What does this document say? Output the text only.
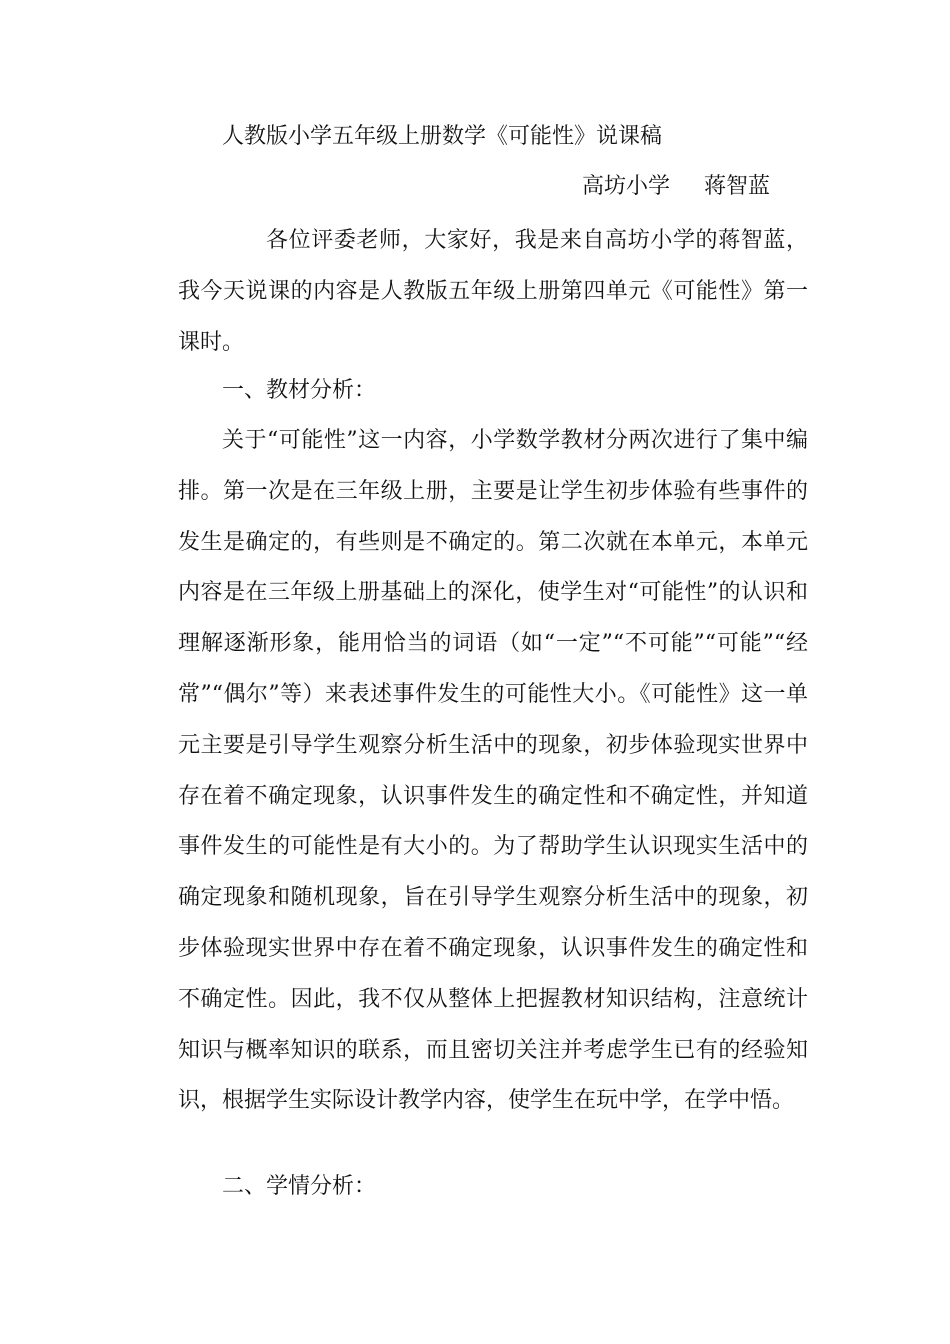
人教版小学五年级上册数学《可能性》说课稿
高坊小学 蒋智蓝

各位评委老师，大家好，我是来自高坊小学的蒋智蓝，我今天说课的内容是人教版五年级上册第四单元《可能性》第一课时。

一、教材分析：

关于“可能性”这一内容，小学数学教材分两次进行了集中编排。第一次是在三年级上册，主要是让学生初步体验有些事件的发生是确定的，有些则是不确定的。第二次就在本单元，本单元内容是在三年级上册基础上的深化，使学生对“可能性”的认识和理解逐渐形象，能用恰当的词语（如“一定”“不可能”“可能”“经常”“偶尔”等）来表述事件发生的可能性大小。《可能性》这一单元主要是引导学生观察分析生活中的现象，初步体验现实世界中存在着不确定现象，认识事件发生的确定性和不确定性，并知道事件发生的可能性是有大小的。为了帮助学生认识现实生活中的确定现象和随机现象，旨在引导学生观察分析生活中的现象，初步体验现实世界中存在着不确定现象，认识事件发生的确定性和不确定性。因此，我不仅从整体上把握教材知识结构，注意统计知识与概率知识的联系，而且密切关注并考虑学生已有的经验知识，根据学生实际设计教学内容，使学生在玩中学，在学中悟。

二、学情分析：
